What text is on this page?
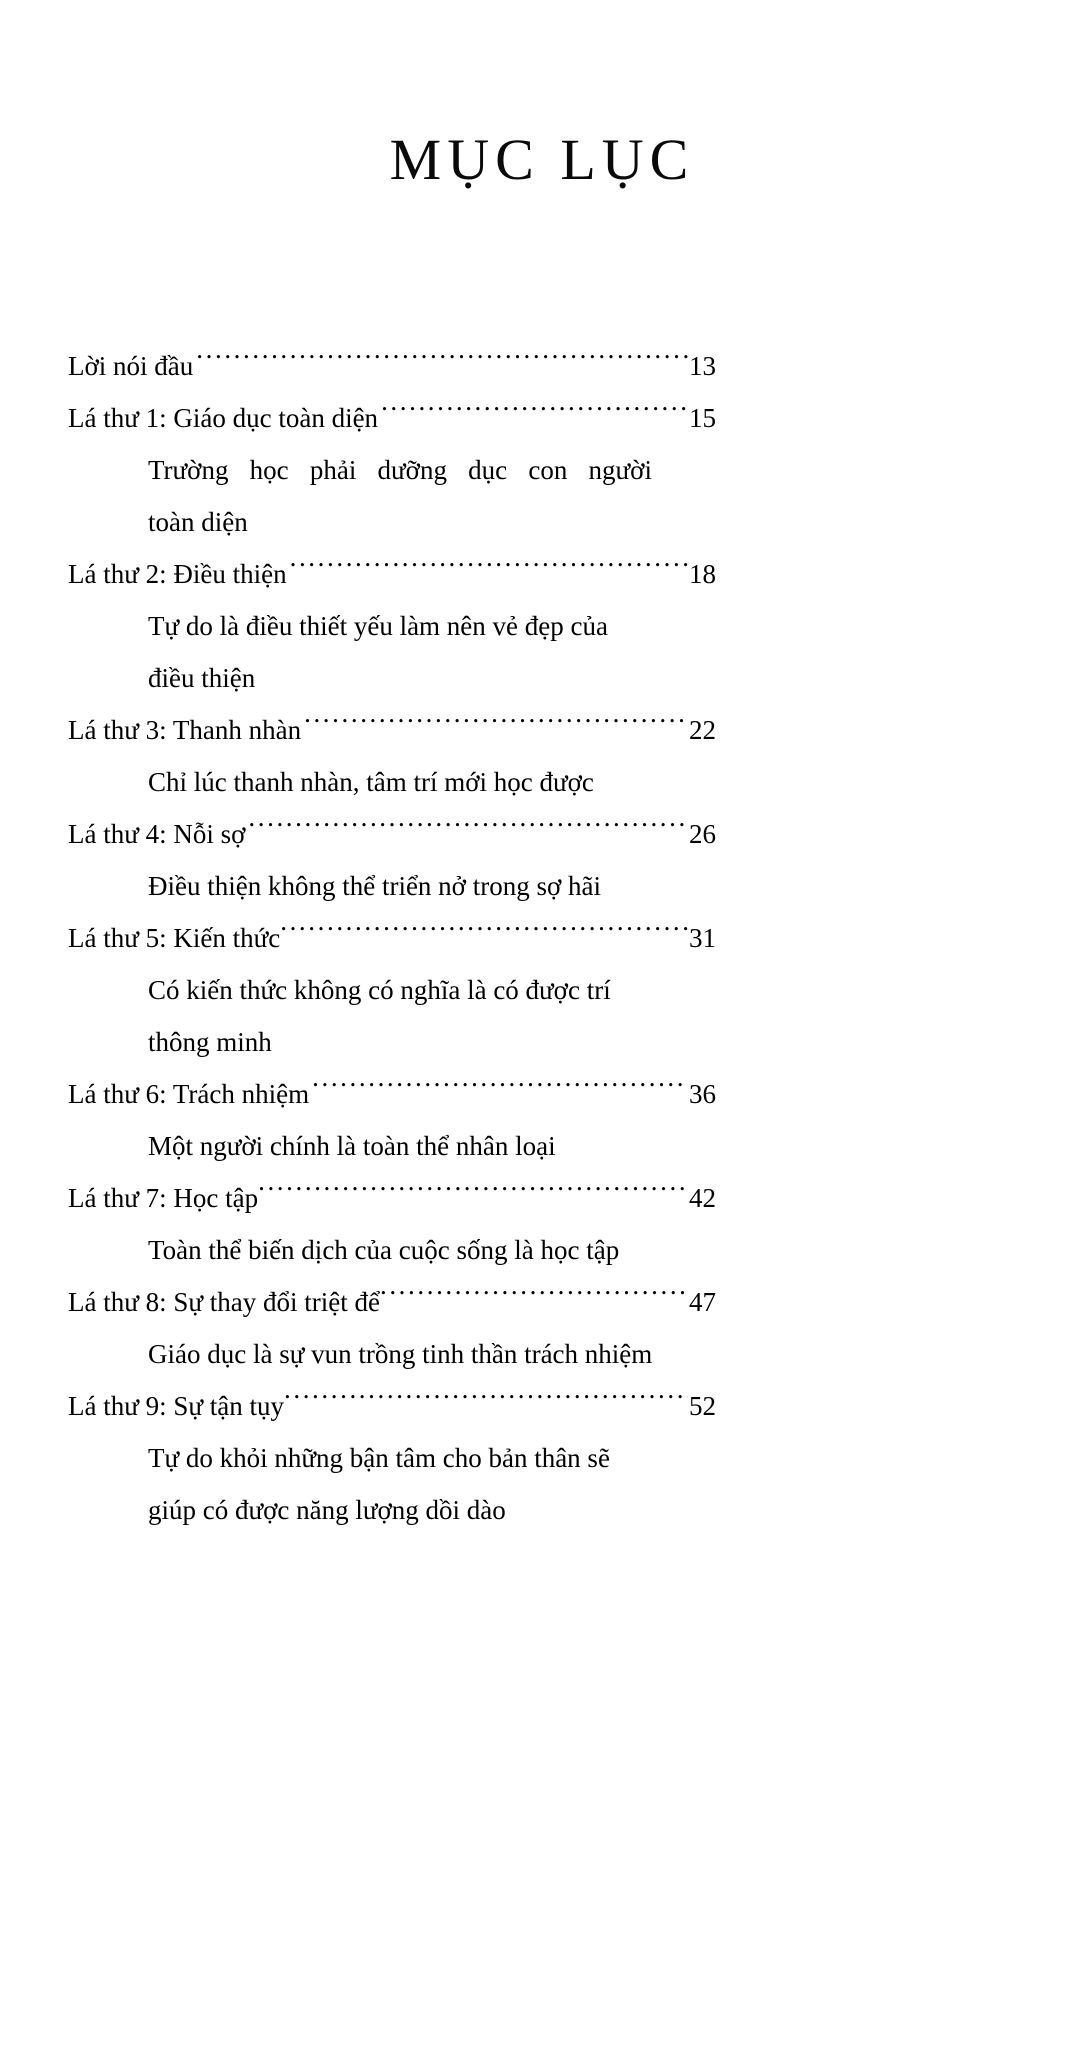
MỤC LỤC
Lời nói đầu .....	13
Lá thư 1: Giáo dục toàn diện .....	15
Trường học phải dưỡng dục con người
toàn diện
Lá thư 2: Điều thiện .....	18
Tự do là điều thiết yếu làm nên vẻ đẹp của
điều thiện
Lá thư 3: Thanh nhàn .....	22
Chỉ lúc thanh nhàn, tâm trí mới học được
Lá thư 4: Nỗi sợ .....	26
Điều thiện không thể triển nở trong sợ hãi
Lá thư 5: Kiến thức .....	31
Có kiến thức không có nghĩa là có được trí
thông minh
Lá thư 6: Trách nhiệm .....	36
Một người chính là toàn thể nhân loại
Lá thư 7: Học tập .....	42
Toàn thể biến dịch của cuộc sống là học tập
Lá thư 8: Sự thay đổi triệt để .....	47
Giáo dục là sự vun trồng tinh thần trách nhiệm
Lá thư 9: Sự tận tụy .....	52
Tự do khỏi những bận tâm cho bản thân sẽ
giúp có được năng lượng dồi dào
